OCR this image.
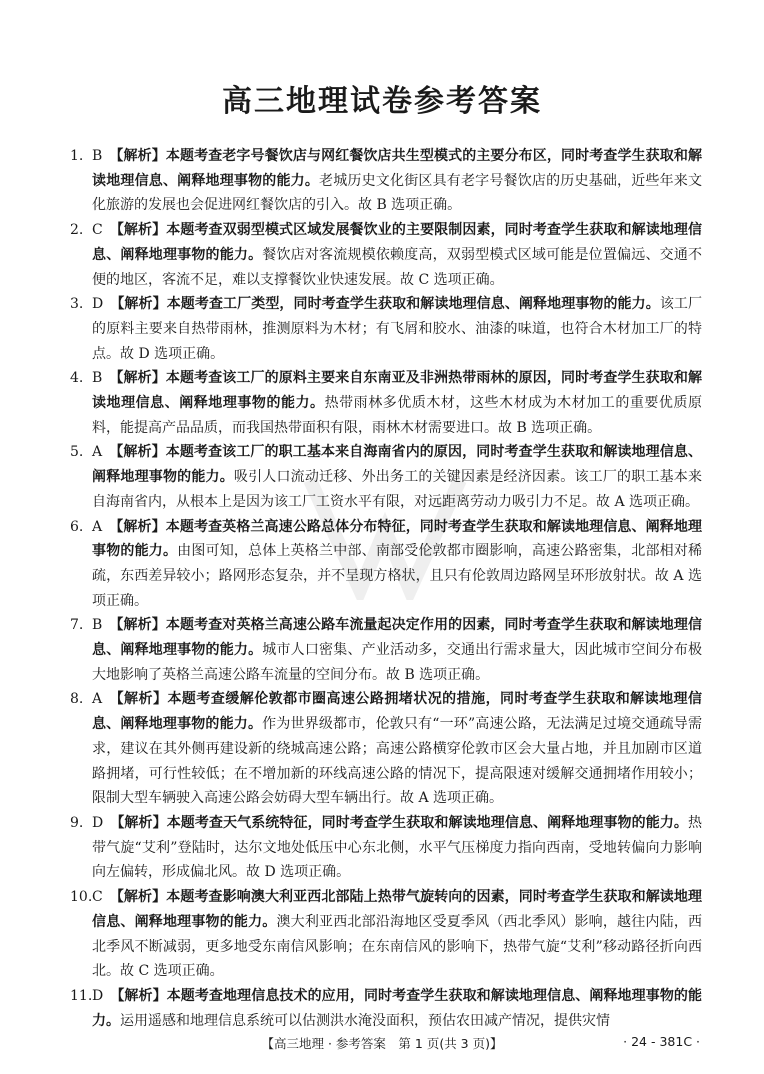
高三地理试卷参考答案
1. B  【解析】本题考查老字号餐饮店与网红餐饮店共生型模式的主要分布区，同时考查学生获取和解读地理信息、阐释地理事物的能力。老城历史文化街区具有老字号餐饮店的历史基础，近些年来文化旅游的发展也会促进网红餐饮店的引入。故 B 选项正确。
2. C  【解析】本题考查双弱型模式区域发展餐饮业的主要限制因素，同时考查学生获取和解读地理信息、阐释地理事物的能力。餐饮店对客流规模依赖度高，双弱型模式区域可能是位置偏远、交通不便的地区，客流不足，难以支撑餐饮业快速发展。故 C 选项正确。
3. D  【解析】本题考查工厂类型，同时考查学生获取和解读地理信息、阐释地理事物的能力。该工厂的原料主要来自热带雨林，推测原料为木材；有飞屑和胶水、油漆的味道，也符合木材加工厂的特点。故 D 选项正确。
4. B  【解析】本题考查该工厂的原料主要来自东南亚及非洲热带雨林的原因，同时考查学生获取和解读地理信息、阐释地理事物的能力。热带雨林多优质木材，这些木材成为木材加工的重要优质原料，能提高产品品质，而我国热带面积有限，雨林木材需要进口。故 B 选项正确。
5. A  【解析】本题考查该工厂的职工基本来自海南省内的原因，同时考查学生获取和解读地理信息、阐释地理事物的能力。吸引人口流动迁移、外出务工的关键因素是经济因素。该工厂的职工基本来自海南省内，从根本上是因为该工厂工资水平有限，对远距离劳动力吸引力不足。故 A 选项正确。
6. A  【解析】本题考查英格兰高速公路总体分布特征，同时考查学生获取和解读地理信息、阐释地理事物的能力。由图可知，总体上英格兰中部、南部受伦敦都市圈影响，高速公路密集，北部相对稀疏，东西差异较小；路网形态复杂，并不呈现方格状，且只有伦敦周边路网呈环形放射状。故 A 选项正确。
7. B  【解析】本题考查对英格兰高速公路车流量起决定作用的因素，同时考查学生获取和解读地理信息、阐释地理事物的能力。城市人口密集、产业活动多，交通出行需求量大，因此城市空间分布极大地影响了英格兰高速公路车流量的空间分布。故 B 选项正确。
8. A  【解析】本题考查缓解伦敦都市圈高速公路拥堵状况的措施，同时考查学生获取和解读地理信息、阐释地理事物的能力。作为世界级都市，伦敦只有“一环”高速公路，无法满足过境交通疏导需求，建议在其外侧再建设新的绕城高速公路；高速公路横穿伦敦市区会大量占地，并且加剧市区道路拥堵，可行性较低；在不增加新的环线高速公路的情况下，提高限速对缓解交通拥堵作用较小；限制大型车辆驶入高速公路会妨碍大型车辆出行。故 A 选项正确。
9. D  【解析】本题考查天气系统特征，同时考查学生获取和解读地理信息、阐释地理事物的能力。热带气旋“艾利”登陆时，达尔文地处低压中心东北侧，水平气压梯度力指向西南，受地转偏向力影响向左偏转，形成偏北风。故 D 选项正确。
10.C  【解析】本题考查影响澳大利亚西北部陆上热带气旋转向的因素，同时考查学生获取和解读地理信息、阐释地理事物的能力。澳大利亚西北部沿海地区受夏季风（西北季风）影响，越往内陆，西北季风不断减弱，更多地受东南信风影响；在东南信风的影响下，热带气旋“艾利”移动路径折向西北。故 C 选项正确。
11.D  【解析】本题考查地理信息技术的应用，同时考查学生获取和解读地理信息、阐释地理事物的能力。运用遥感和地理信息系统可以估测洪水淹没面积，预估农田减产情况，提供灾情
【高三地理 · 参考答案　第 1 页(共 3 页)】	· 24 - 381C ·
